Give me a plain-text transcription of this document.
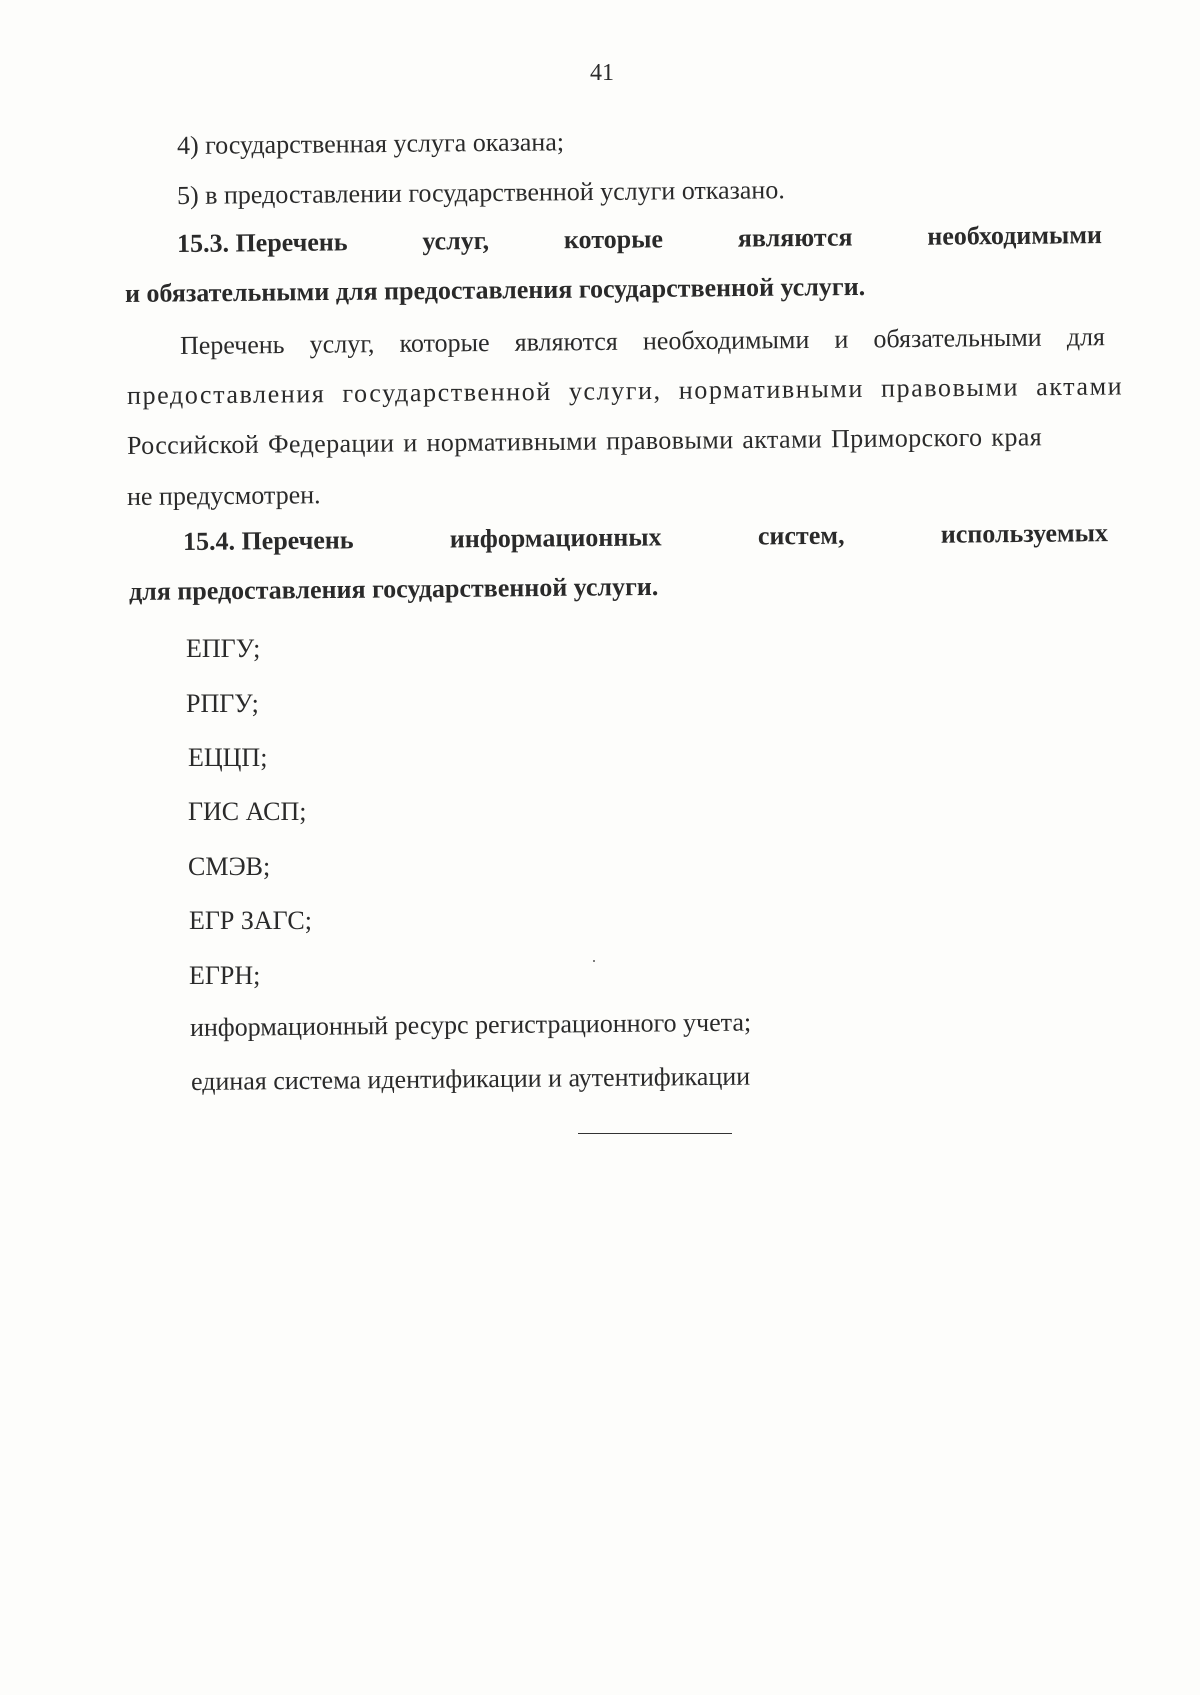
41
4) государственная услуга оказана;
5) в предоставлении государственной услуги отказано.
15.3. Перечень	услуг,	которые	являются	необходимыми
и обязательными для предоставления государственной услуги.
Перечень услуг, которые являются необходимыми и обязательными для
предоставления государственной услуги, нормативными правовыми актами
Российской Федерации и нормативными правовыми актами Приморского края
не предусмотрен.
15.4. Перечень	информационных	систем,	используемых
для предоставления государственной услуги.
ЕПГУ;
РПГУ;
ЕЦЦП;
ГИС АСП;
СМЭВ;
ЕГР ЗАГС;
ЕГРН;
информационный ресурс регистрационного учета;
единая система идентификации и аутентификации
